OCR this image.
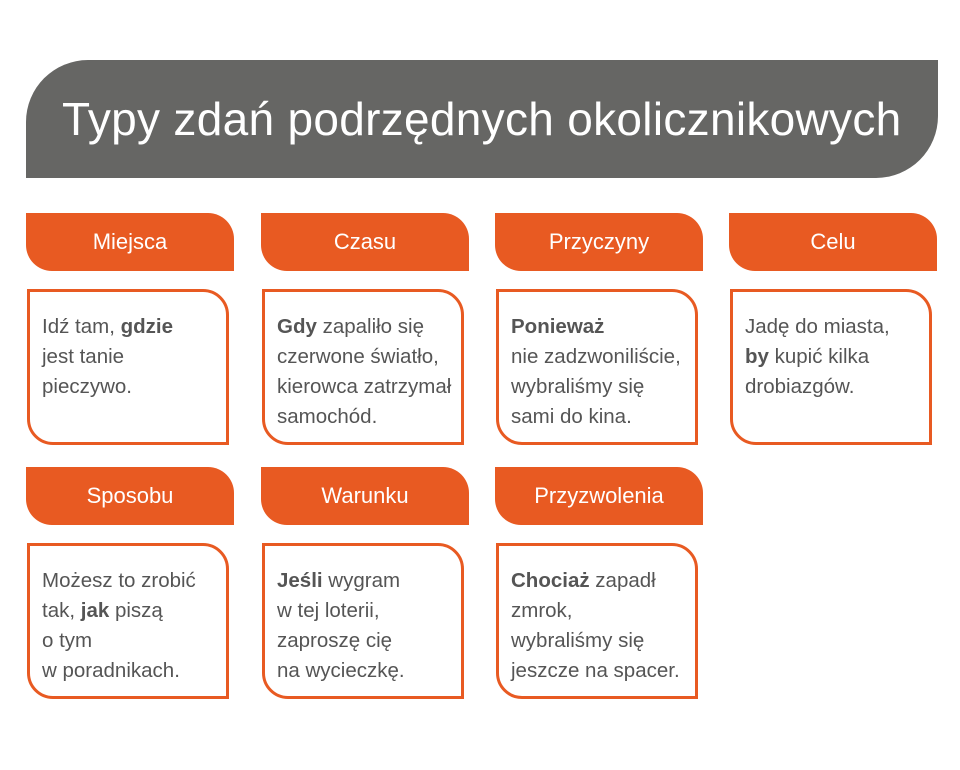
Typy zdań podrzędnych okolicznikowych
Miejsca
Idź tam, gdzie
jest tanie
pieczywo.
Czasu
Gdy zapaliło się
czerwone światło,
kierowca zatrzymał
samochód.
Przyczyny
Ponieważ
nie zadzwoniliście,
wybraliśmy się
sami do kina.
Celu
Jadę do miasta,
by kupić kilka
drobiazgów.
Sposobu
Możesz to zrobić
tak, jak piszą
o tym
w poradnikach.
Warunku
Jeśli wygram
w tej loterii,
zaproszę cię
na wycieczkę.
Przyzwolenia
Chociaż zapadł
zmrok,
wybraliśmy się
jeszcze na spacer.
